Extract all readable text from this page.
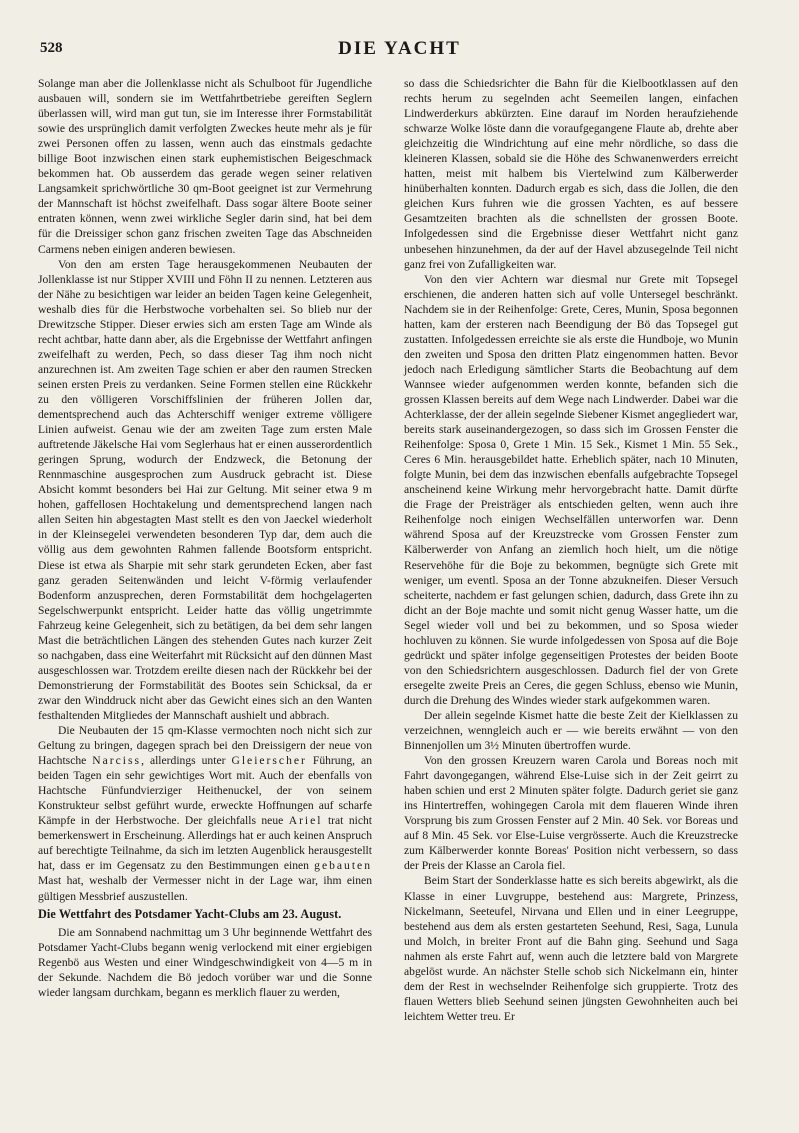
528	DIE YACHT

Solange man aber die Jollenklasse nicht als Schulboot für Jugendliche ausbauen will, sondern sie im Wettfahrtbetriebe gereiften Seglern überlassen will, wird man gut tun, sie im Interesse ihrer Formstabilität sowie des ursprünglich damit verfolgten Zweckes heute mehr als je für zwei Personen offen zu lassen, wenn auch das einstmals gedachte billige Boot inzwischen einen stark euphemistischen Beigeschmack bekommen hat. Ob ausserdem das gerade wegen seiner relativen Langsamkeit sprichwörtliche 30 qm-Boot geeignet ist zur Vermehrung der Mannschaft ist höchst zweifelhaft. Dass sogar ältere Boote seiner entraten können, wenn zwei wirkliche Segler darin sind, hat bei dem für die Dreissiger schon ganz frischen zweiten Tage das Abschneiden Carmens neben einigen anderen bewiesen.

Von den am ersten Tage herausgekommenen Neubauten der Jollenklasse ist nur Stipper XVIII und Föhn II zu nennen. Letzteren aus der Nähe zu besichtigen war leider an beiden Tagen keine Gelegenheit, weshalb dies für die Herbstwoche vorbehalten sei. So blieb nur der Drewitzsche Stipper. Dieser erwies sich am ersten Tage am Winde als recht achtbar, hatte dann aber, als die Ergebnisse der Wettfahrt anfingen zweifelhaft zu werden, Pech, so dass dieser Tag ihm noch nicht anzurechnen ist. Am zweiten Tage schien er aber den raumen Strecken seinen ersten Preis zu verdanken. Seine Formen stellen eine Rückkehr zu den völligeren Vorschiffslinien der früheren Jollen dar, dementsprechend auch das Achterschiff weniger extreme völligere Linien aufweist. Genau wie der am zweiten Tage zum ersten Male auftretende Jäkelsche Hai vom Seglerhaus hat er einen ausserordentlich geringen Sprung, wodurch der Endzweck, die Betonung der Rennmaschine ausgesprochen zum Ausdruck gebracht ist. Diese Absicht kommt besonders bei Hai zur Geltung. Mit seiner etwa 9 m hohen, gaffellosen Hochtakelung und dementsprechend langen nach allen Seiten hin abgestagten Mast stellt es den von Jaeckel wiederholt in der Kleinsegelei verwendeten besonderen Typ dar, dem auch die völlig aus dem gewohnten Rahmen fallende Bootsform entspricht. Diese ist etwa als Sharpie mit sehr stark gerundeten Ecken, aber fast ganz geraden Seitenwänden und leicht V-förmig verlaufender Bodenform anzusprechen, deren Formstabilität dem hochgelagerten Segelschwerpunkt entspricht. Leider hatte das völlig ungetrimmte Fahrzeug keine Gelegenheit, sich zu betätigen, da bei dem sehr langen Mast die beträchtlichen Längen des stehenden Gutes nach kurzer Zeit so nachgaben, dass eine Weiterfahrt mit Rücksicht auf den dünnen Mast ausgeschlossen war. Trotzdem ereilte diesen nach der Rückkehr bei der Demonstrierung der Formstabilität des Bootes sein Schicksal, da er zwar den Winddruck nicht aber das Gewicht eines sich an den Wanten festhaltenden Mitgliedes der Mannschaft aushielt und abbrach.

Die Neubauten der 15 qm-Klasse vermochten noch nicht sich zur Geltung zu bringen, dagegen sprach bei den Dreissigern der neue von Hachtsche Narciss, allerdings unter Gleierscher Führung, an beiden Tagen ein sehr gewichtiges Wort mit. Auch der ebenfalls von Hachtsche Fünfundvierziger Heithenuckel, der von seinem Konstrukteur selbst geführt wurde, erweckte Hoffnungen auf scharfe Kämpfe in der Herbstwoche. Der gleichfalls neue Ariel trat nicht bemerkenswert in Erscheinung. Allerdings hat er auch keinen Anspruch auf berechtigte Teilnahme, da sich im letzten Augenblick herausgestellt hat, dass er im Gegensatz zu den Bestimmungen einen gebauten Mast hat, weshalb der Vermesser nicht in der Lage war, ihm einen gültigen Messbrief auszustellen.

Die Wettfahrt des Potsdamer Yacht-Clubs am 23. August.

Die am Sonnabend nachmittag um 3 Uhr beginnende Wettfahrt des Potsdamer Yacht-Clubs begann wenig verlockend mit einer ergiebigen Regenbö aus Westen und einer Windgeschwindigkeit von 4—5 m in der Sekunde. Nachdem die Bö jedoch vorüber war und die Sonne wieder langsam durchkam, begann es merklich flauer zu werden,

so dass die Schiedsrichter die Bahn für die Kielbootklassen auf den rechts herum zu segelnden acht Seemeilen langen, einfachen Lindwerderkurs abkürzten. Eine darauf im Norden heraufziehende schwarze Wolke löste dann die voraufgegangene Flaute ab, drehte aber gleichzeitig die Windrichtung auf eine mehr nördliche, so dass die kleineren Klassen, sobald sie die Höhe des Schwanenwerders erreicht hatten, meist mit halbem bis Viertelwind zum Kälberwerder hinüberhalten konnten. Dadurch ergab es sich, dass die Jollen, die den gleichen Kurs fuhren wie die grossen Yachten, es auf bessere Gesamtzeiten brachten als die schnellsten der grossen Boote. Infolgedessen sind die Ergebnisse dieser Wettfahrt nicht ganz unbesehen hinzunehmen, da der auf der Havel abzusegelnde Teil nicht ganz frei von Zufalligkeiten war.

Von den vier Achtern war diesmal nur Grete mit Topsegel erschienen, die anderen hatten sich auf volle Untersegel beschränkt. Nachdem sie in der Reihenfolge: Grete, Ceres, Munin, Sposa begonnen hatten, kam der ersteren nach Beendigung der Bö das Topsegel gut zustatten. Infolgedessen erreichte sie als erste die Hundboje, wo Munin den zweiten und Sposa den dritten Platz eingenommen hatten. Bevor jedoch nach Erledigung sämtlicher Starts die Beobachtung auf dem Wannsee wieder aufgenommen werden konnte, befanden sich die grossen Klassen bereits auf dem Wege nach Lindwerder. Dabei war die Achterklasse, der der allein segelnde Siebener Kismet angegliedert war, bereits stark auseinandergezogen, so dass sich im Grossen Fenster die Reihenfolge: Sposa 0, Grete 1 Min. 15 Sek., Kismet 1 Min. 55 Sek., Ceres 6 Min. herausgebildet hatte. Erheblich später, nach 10 Minuten, folgte Munin, bei dem das inzwischen ebenfalls aufgebrachte Topsegel anscheinend keine Wirkung mehr hervorgebracht hatte. Damit dürfte die Frage der Preisträger als entschieden gelten, wenn auch ihre Reihenfolge noch einigen Wechselfällen unterworfen war. Denn während Sposa auf der Kreuzstrecke vom Grossen Fenster zum Kälberwerder von Anfang an ziemlich hoch hielt, um die nötige Reservehöhe für die Boje zu bekommen, begnügte sich Grete mit weniger, um eventl. Sposa an der Tonne abzukneifen. Dieser Versuch scheiterte, nachdem er fast gelungen schien, dadurch, dass Grete ihn zu dicht an der Boje machte und somit nicht genug Wasser hatte, um die Segel wieder voll und bei zu bekommen, und so Sposa wieder hochluven zu können. Sie wurde infolgedessen von Sposa auf die Boje gedrückt und später infolge gegenseitigen Protestes der beiden Boote von den Schiedsrichtern ausgeschlossen. Dadurch fiel der von Grete ersegelte zweite Preis an Ceres, die gegen Schluss, ebenso wie Munin, durch die Drehung des Windes wieder stark aufgekommen waren.

Der allein segelnde Kismet hatte die beste Zeit der Kielklassen zu verzeichnen, wenngleich auch er — wie bereits erwähnt — von den Binnenjollen um 3½ Minuten übertroffen wurde.

Von den grossen Kreuzern waren Carola und Boreas noch mit Fahrt davongegangen, während Else-Luise sich in der Zeit geirrt zu haben schien und erst 2 Minuten später folgte. Dadurch geriet sie ganz ins Hintertreffen, wohingegen Carola mit dem flaueren Winde ihren Vorsprung bis zum Grossen Fenster auf 2 Min. 40 Sek. vor Boreas und auf 8 Min. 45 Sek. vor Else-Luise vergrösserte. Auch die Kreuzstrecke zum Kälberwerder konnte Boreas' Position nicht verbessern, so dass der Preis der Klasse an Carola fiel.

Beim Start der Sonderklasse hatte es sich bereits abgewirkt, als die Klasse in einer Luvgruppe, bestehend aus: Margrete, Prinzess, Nickelmann, Seeteufel, Nirvana und Ellen und in einer Leegruppe, bestehend aus dem als ersten gestarteten Seehund, Resi, Saga, Lunula und Molch, in breiter Front auf die Bahn ging. Seehund und Saga nahmen als erste Fahrt auf, wenn auch die letztere bald von Margrete abgelöst wurde. An nächster Stelle schob sich Nickelmann ein, hinter dem der Rest in wechselnder Reihenfolge sich gruppierte. Trotz des flauen Wetters blieb Seehund seinen jüngsten Gewohnheiten auch bei leichtem Wetter treu. Er
